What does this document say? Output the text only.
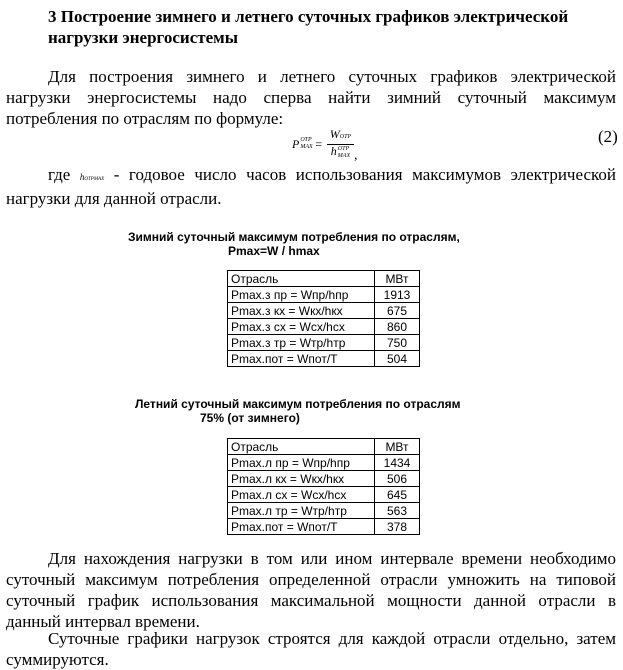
3 Построение зимнего и летнего суточных графиков электрической нагрузки энергосистемы

Для построения зимнего и летнего суточных графиков электрической нагрузки энергосистемы надо сперва найти зимний суточный максимум потребления по отраслям по формуле:

P ОТР
MAX = WОТР
h ОТР
MAX ,
(2)

где hОТРMAX - годовое число часов использования максимумов электрической нагрузки для данной отрасли.

Зимний суточный максимум потребления по отраслям,

Pmax=W / hmax

Отрасль	МВт
Pmax.з пр = Wпр/hпр	1913
Pmax.з кх = Wкх/hкх	675
Pmax.з сх = Wсх/hсх	860
Pmax.з тр = Wтр/hтр	750
Pmax.пот = Wпот/T	504

Летний суточный максимум потребления по отраслям

75% (от зимнего)

Отрасль	МВт
Pmax.л пр = Wпр/hпр	1434
Pmax.л кх = Wкх/hкх	506
Pmax.л сх = Wсх/hсх	645
Pmax.л тр = Wтр/hтр	563
Pmax.пот = Wпот/T	378

Для нахождения нагрузки в том или ином интервале времени необходимо суточный максимум потребления определенной отрасли умножить на типовой суточный график использования максимальной мощности данной отрасли в данный интервал времени.

Суточные графики нагрузок строятся для каждой отрасли отдельно, затем суммируются.
